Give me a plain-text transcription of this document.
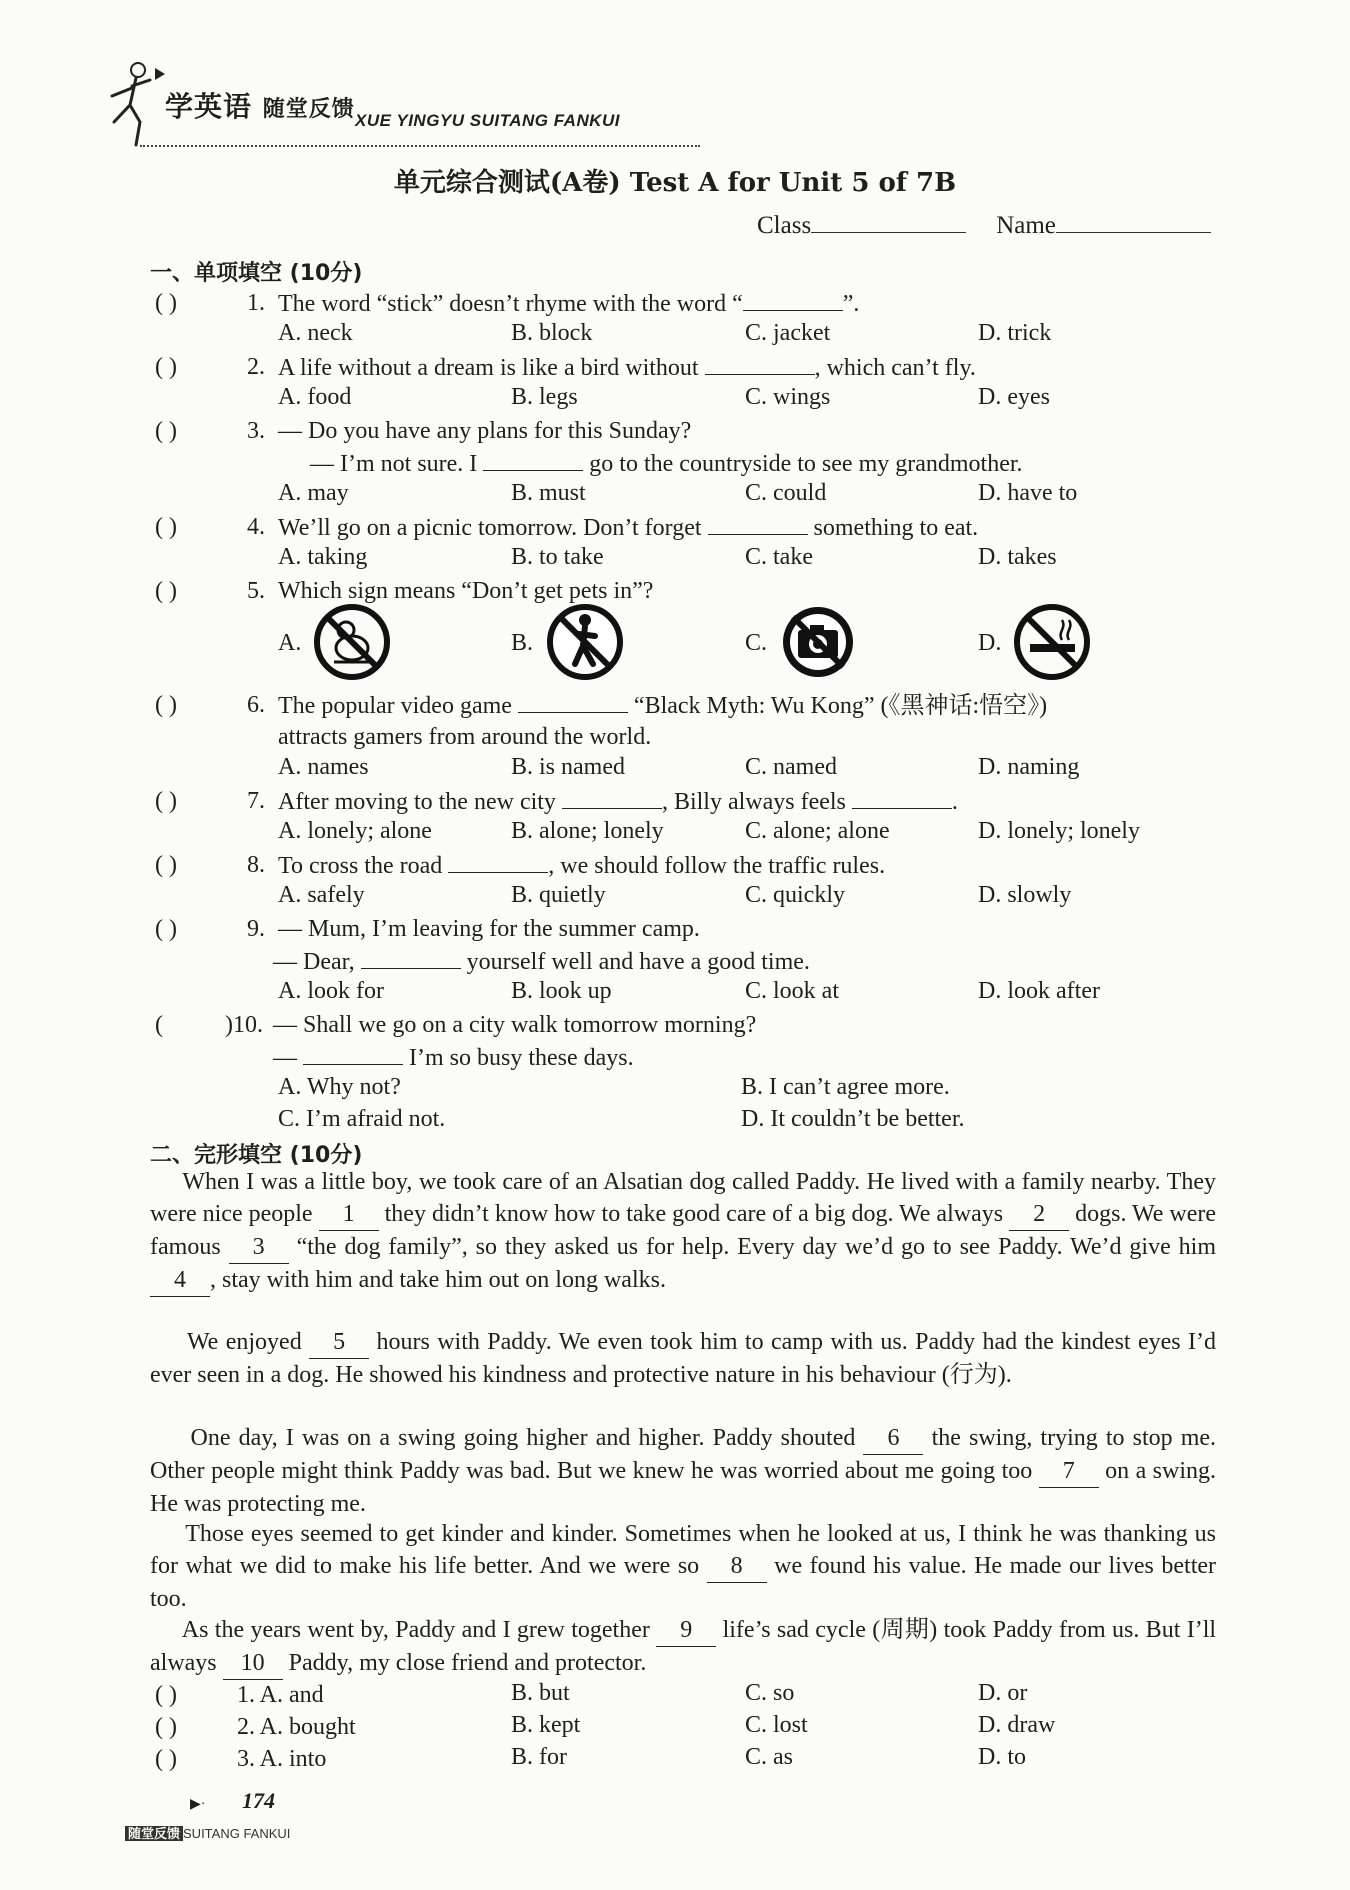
学英语 随堂反馈 XUE YINGYU SUITANG FANKUI
单元综合测试(A卷) Test A for Unit 5 of 7B
Class	Name
一、单项填空 (10分)
( )	1. The word “stick” doesn’t rhyme with the word “	”.
A. neck	B. block	C. jacket	D. trick
( )	2. A life without a dream is like a bird without	, which can’t fly.
A. food	B. legs	C. wings	D. eyes
( )	3. — Do you have any plans for this Sunday?
— I’m not sure. I	go to the countryside to see my grandmother.
A. may	B. must	C. could	D. have to
( )	4. We’ll go on a picnic tomorrow. Don’t forget	something to eat.
A. taking	B. to take	C. take	D. takes
( )	5. Which sign means “Don’t get pets in”?
A.	B.	C.	D.
( )	6. The popular video game	“Black Myth: Wu Kong” (《黑神话:悟空》)
attracts gamers from around the world.
A. names	B. is named	C. named	D. naming
( )	7. After moving to the new city	, Billy always feels	.
A. lonely; alone	B. alone; lonely	C. alone; alone	D. lonely; lonely
( )	8. To cross the road	, we should follow the traffic rules.
A. safely	B. quietly	C. quickly	D. slowly
( )	9. — Mum, I’m leaving for the summer camp.
— Dear,	yourself well and have a good time.
A. look for	B. look up	C. look at	D. look after
(	)10. — Shall we go on a city walk tomorrow morning?
—	I’m so busy these days.
A. Why not?	B. I can’t agree more.
C. I’m afraid not.	D. It couldn’t be better.
二、完形填空 (10分)
When I was a little boy, we took care of an Alsatian dog called Paddy. He lived with a family nearby. They were nice people 1 they didn’t know how to take good care of a big dog. We always 2 dogs. We were famous 3 “the dog family”, so they asked us for help. Every day we’d go to see Paddy. We’d give him 4 , stay with him and take him out on long walks.
We enjoyed 5 hours with Paddy. We even took him to camp with us. Paddy had the kindest eyes I’d ever seen in a dog. He showed his kindness and protective nature in his behaviour (行为).
One day, I was on a swing going higher and higher. Paddy shouted 6 the swing, trying to stop me. Other people might think Paddy was bad. But we knew he was worried about me going too 7 on a swing. He was protecting me.
Those eyes seemed to get kinder and kinder. Sometimes when he looked at us, I think he was thanking us for what we did to make his life better. And we were so 8 we found his value. He made our lives better too.
As the years went by, Paddy and I grew together 9 life’s sad cycle (周期) took Paddy from us. But I’ll always 10 Paddy, my close friend and protector.
( )	1. A. and	B. but	C. so	D. or
( )	2. A. bought	B. kept	C. lost	D. draw
( )	3. A. into	B. for	C. as	D. to
▶· 174
随堂反馈 SUITANG FANKUI
